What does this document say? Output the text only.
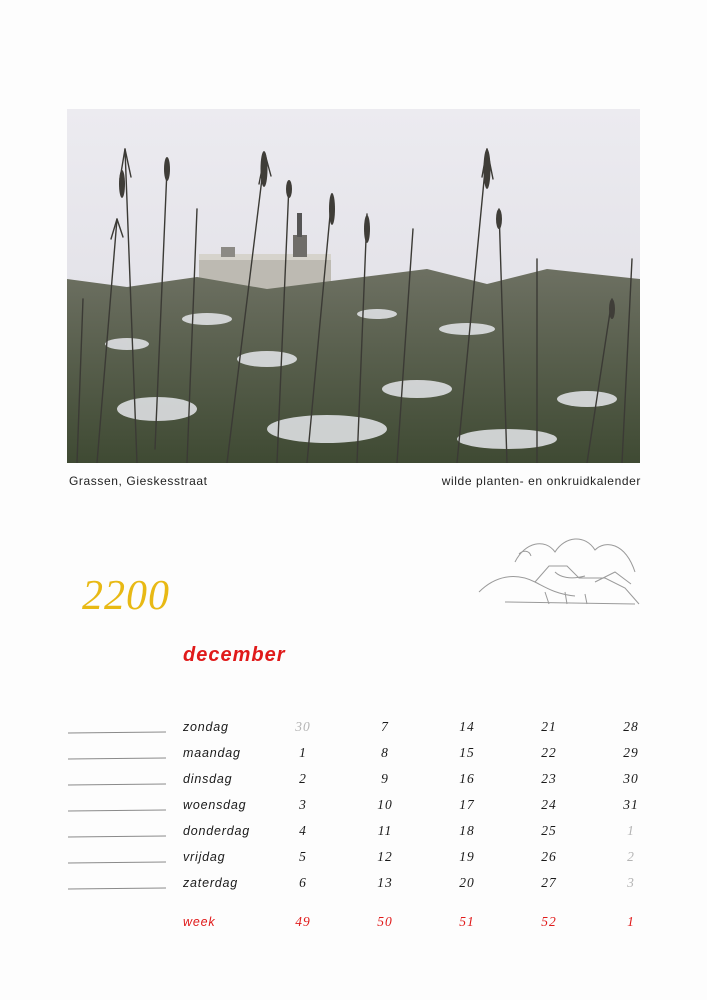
Grassen, Gieskesstraat	wilde planten- en onkruidkalender
2200
december
zondag	30	7	14	21	28
maandag	1	8	15	22	29
dinsdag	2	9	16	23	30
woensdag	3	10	17	24	31
donderdag	4	11	18	25	1
vrijdag	5	12	19	26	2
zaterdag	6	13	20	27	3
week	49	50	51	52	1
